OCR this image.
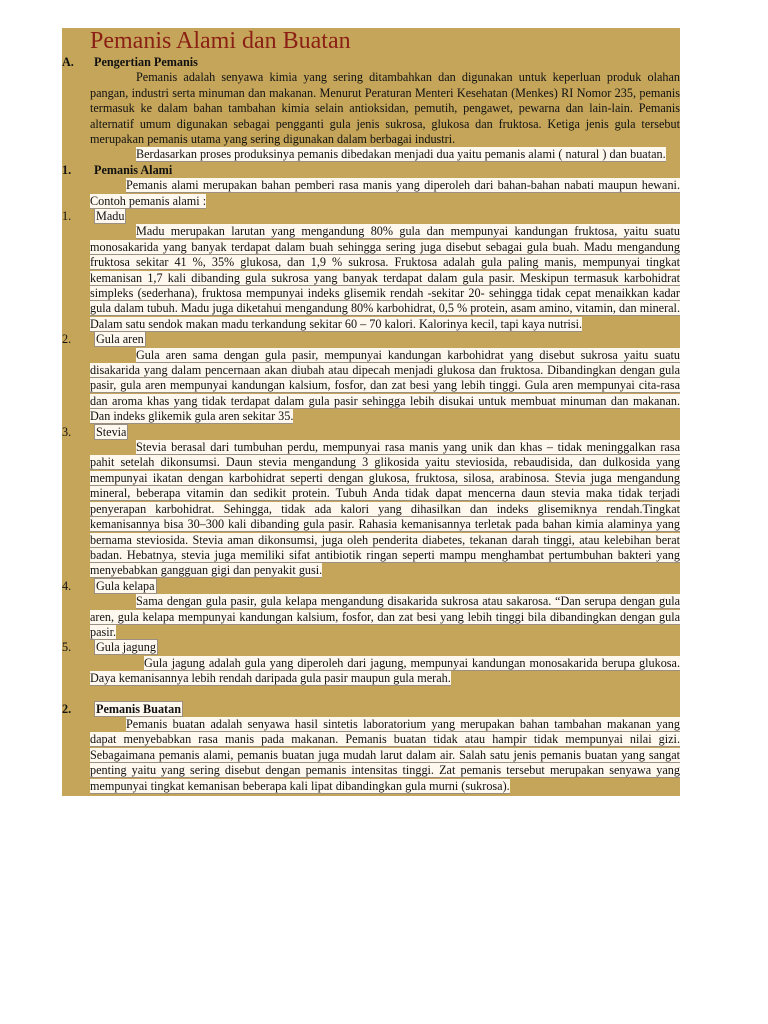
Pemanis Alami dan Buatan
A. Pengertian Pemanis
Pemanis adalah senyawa kimia yang sering ditambahkan dan digunakan untuk keperluan produk olahan pangan, industri serta minuman dan makanan. Menurut Peraturan Menteri Kesehatan (Menkes) RI Nomor 235, pemanis termasuk ke dalam bahan tambahan kimia selain antioksidan, pemutih, pengawet, pewarna dan lain-lain. Pemanis alternatif umum digunakan sebagai pengganti gula jenis sukrosa, glukosa dan fruktosa. Ketiga jenis gula tersebut merupakan pemanis utama yang sering digunakan dalam berbagai industri.
Berdasarkan proses produksinya pemanis dibedakan menjadi dua yaitu pemanis alami ( natural ) dan buatan.
1. Pemanis Alami
Pemanis alami merupakan bahan pemberi rasa manis yang diperoleh dari bahan-bahan nabati maupun hewani. Contoh pemanis alami :
1. Madu
Madu merupakan larutan yang mengandung 80% gula dan mempunyai kandungan fruktosa, yaitu suatu monosakarida yang banyak terdapat dalam buah sehingga sering juga disebut sebagai gula buah. Madu mengandung fruktosa sekitar 41 %, 35% glukosa, dan 1,9 % sukrosa. Fruktosa adalah gula paling manis, mempunyai tingkat kemanisan 1,7 kali dibanding gula sukrosa yang banyak terdapat dalam gula pasir. Meskipun termasuk karbohidrat simpleks (sederhana), fruktosa mempunyai indeks glisemik rendah -sekitar 20- sehingga tidak cepat menaikkan kadar gula dalam tubuh. Madu juga diketahui mengandung 80% karbohidrat, 0,5 % protein, asam amino, vitamin, dan mineral. Dalam satu sendok makan madu terkandung sekitar 60 – 70 kalori. Kalorinya kecil, tapi kaya nutrisi.
2. Gula aren
Gula aren sama dengan gula pasir, mempunyai kandungan karbohidrat yang disebut sukrosa yaitu suatu disakarida yang dalam pencernaan akan diubah atau dipecah menjadi glukosa dan fruktosa. Dibandingkan dengan gula pasir, gula aren mempunyai kandungan kalsium, fosfor, dan zat besi yang lebih tinggi. Gula aren mempunyai cita-rasa dan aroma khas yang tidak terdapat dalam gula pasir sehingga lebih disukai untuk membuat minuman dan makanan. Dan indeks glikemik gula aren sekitar 35.
3. Stevia
Stevia berasal dari tumbuhan perdu, mempunyai rasa manis yang unik dan khas – tidak meninggalkan rasa pahit setelah dikonsumsi. Daun stevia mengandung 3 glikosida yaitu steviosida, rebaudisida, dan dulkosida yang mempunyai ikatan dengan karbohidrat seperti dengan glukosa, fruktosa, silosa, arabinosa. Stevia juga mengandung mineral, beberapa vitamin dan sedikit protein. Tubuh Anda tidak dapat mencerna daun stevia maka tidak terjadi penyerapan karbohidrat. Sehingga, tidak ada kalori yang dihasilkan dan indeks glisemiknya rendah.Tingkat kemanisannya bisa 30–300 kali dibanding gula pasir. Rahasia kemanisannya terletak pada bahan kimia alaminya yang bernama steviosida. Stevia aman dikonsumsi, juga oleh penderita diabetes, tekanan darah tinggi, atau kelebihan berat badan. Hebatnya, stevia juga memiliki sifat antibiotik ringan seperti mampu menghambat pertumbuhan bakteri yang menyebabkan gangguan gigi dan penyakit gusi.
4. Gula kelapa
Sama dengan gula pasir, gula kelapa mengandung disakarida sukrosa atau sakarosa. “Dan serupa dengan gula aren, gula kelapa mempunyai kandungan kalsium, fosfor, dan zat besi yang lebih tinggi bila dibandingkan dengan gula pasir.
5. Gula jagung
Gula jagung adalah gula yang diperoleh dari jagung, mempunyai kandungan monosakarida berupa glukosa. Daya kemanisannya lebih rendah daripada gula pasir maupun gula merah.
2. Pemanis Buatan
Pemanis buatan adalah senyawa hasil sintetis laboratorium yang merupakan bahan tambahan makanan yang dapat menyebabkan rasa manis pada makanan. Pemanis buatan tidak atau hampir tidak mempunyai nilai gizi. Sebagaimana pemanis alami, pemanis buatan juga mudah larut dalam air. Salah satu jenis pemanis buatan yang sangat penting yaitu yang sering disebut dengan pemanis intensitas tinggi. Zat pemanis tersebut merupakan senyawa yang mempunyai tingkat kemanisan beberapa kali lipat dibandingkan gula murni (sukrosa).
